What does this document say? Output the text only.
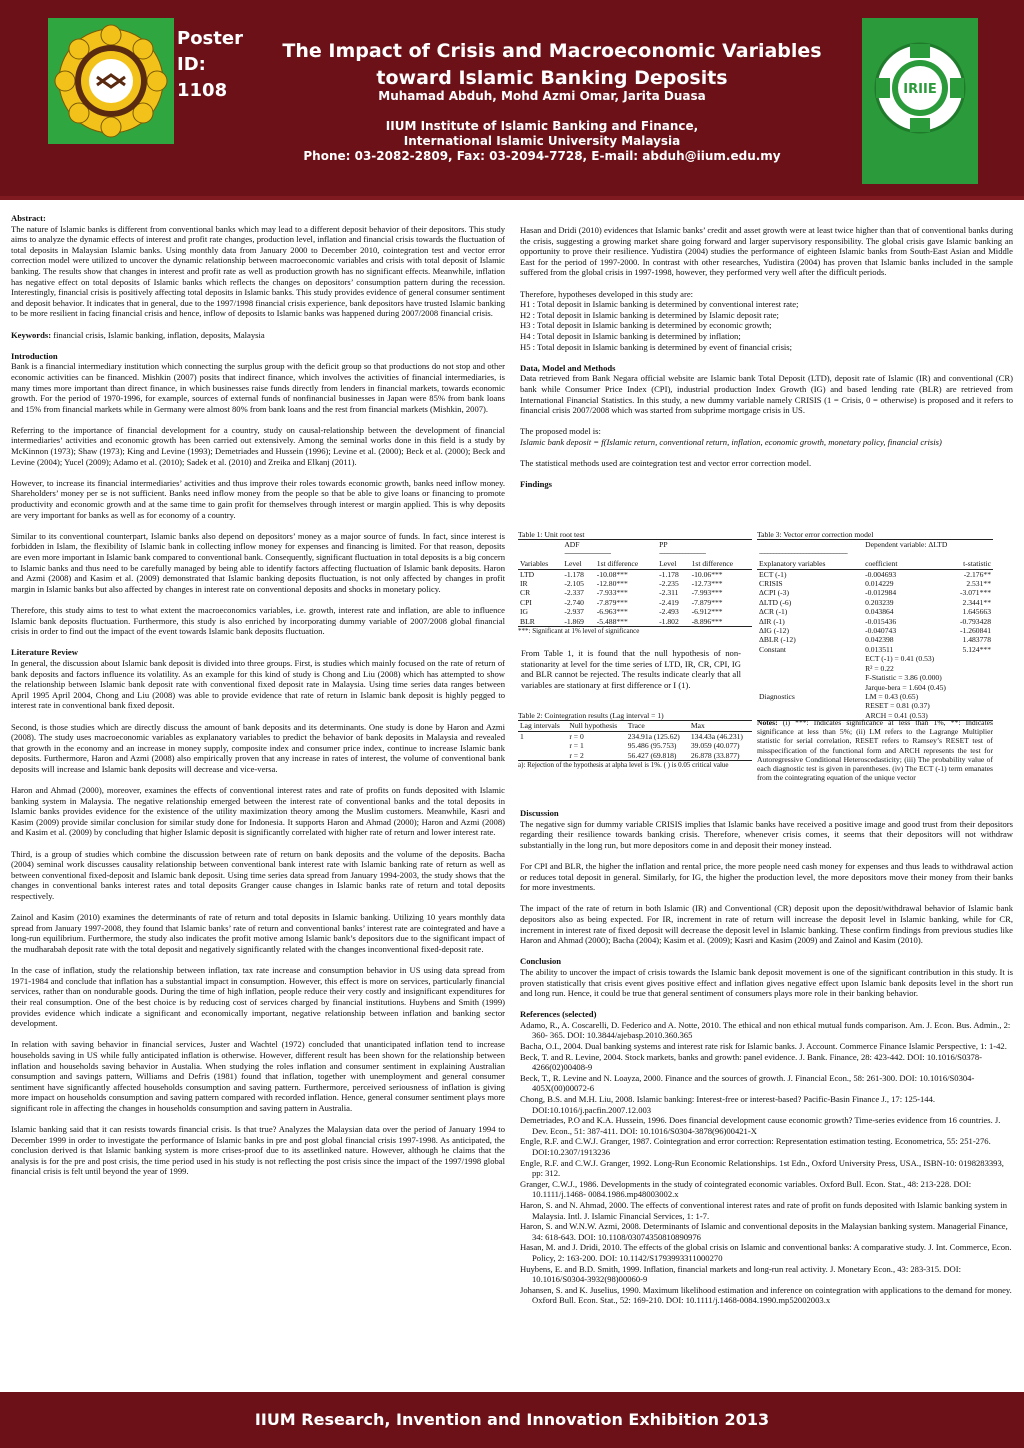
IRIIE
Poster ID: 1108
The Impact of Crisis and Macroeconomic Variables toward Islamic Banking Deposits
Muhamad Abduh, Mohd Azmi Omar, Jarita Duasa
IIUM Institute of Islamic Banking and Finance,
International Islamic University Malaysia
Phone: 03-2082-2809, Fax: 03-2094-7728, E-mail: abduh@iium.edu.my
Abstract:

The nature of Islamic banks is different from conventional banks which may lead to a different deposit behavior of their depositors. This study aims to analyze the dynamic effects of interest and profit rate changes, production level, inflation and financial crisis towards the fluctuation of total deposits in Malaysian Islamic banks. Using monthly data from January 2000 to December 2010, cointegration test and vector error correction model were utilized to uncover the dynamic relationship between macroeconomic variables and crisis with total deposit of Islamic banking. The results show that changes in interest and profit rate as well as production growth has no significant effects. Meanwhile, inflation has negative effect on total deposits of Islamic banks which reflects the changes on depositors’ consumption pattern during the recession. Interestingly, financial crisis is positively affecting total deposits in Islamic banks. This study provides evidence of general consumer sentiment and deposit behavior. It indicates that in general, due to the 1997/1998 financial crisis experience, bank depositors have trusted Islamic banking to be more resilient in facing financial crisis and hence, inflow of deposits to Islamic banks was happened during 2007/2008 financial crisis.

Keywords: financial crisis, Islamic banking, inflation, deposits, Malaysia

Introduction

Bank is a financial intermediary institution which connecting the surplus group with the deficit group so that productions do not stop and other economic activities can be financed. Mishkin (2007) posits that indirect finance, which involves the activities of financial intermediaries, is many times more important than direct finance, in which businesses raise funds directly from lenders in financial markets, towards economic growth. For the period of 1970-1996, for example, sources of external funds of nonfinancial businesses in Japan were 85% from bank loans and 15% from financial markets while in Germany were almost 80% from bank loans and the rest from financial markets (Mishkin, 2007).

Referring to the importance of financial development for a country, study on causal-relationship between the development of financial intermediaries’ activities and economic growth has been carried out extensively. Among the seminal works done in this field is a study by McKinnon (1973); Shaw (1973); King and Levine (1993); Demetriades and Hussein (1996); Levine et al. (2000); Beck et al. (2000); Beck and Levine (2004); Yucel (2009); Adamo et al. (2010); Sadek et al. (2010) and Zreika and Elkanj (2011).

However, to increase its financial intermediaries’ activities and thus improve their roles towards economic growth, banks need inflow money. Shareholders’ money per se is not sufficient. Banks need inflow money from the people so that be able to give loans or financing to promote productivity and economic growth and at the same time to gain profit for themselves through interest or margin applied. This is why deposits are very important for banks as well as for economy of a country.

Similar to its conventional counterpart, Islamic banks also depend on depositors’ money as a major source of funds. In fact, since interest is forbidden in Islam, the flexibility of Islamic bank in collecting inflow money for expenses and financing is limited. For that reason, deposits are even more important in Islamic bank compared to conventional bank. Consequently, significant fluctuation in total deposits is a big concern to Islamic banks and thus need to be carefully managed by being able to identify factors affecting fluctuation of Islamic bank deposits. Haron and Azmi (2008) and Kasim et al. (2009) demonstrated that Islamic banking deposits fluctuation, is not only affected by changes in profit margin in Islamic banks but also affected by changes in interest rate on conventional deposits and shocks in monetary policy.

Therefore, this study aims to test to what extent the macroeconomics variables, i.e. growth, interest rate and inflation, are able to influence Islamic bank deposits fluctuation. Furthermore, this study is also enriched by incorporating dummy variable of 2007/2008 global financial crisis in order to find out the impact of the event towards Islamic bank deposits fluctuation.

Literature Review

In general, the discussion about Islamic bank deposit is divided into three groups. First, is studies which mainly focused on the rate of return of bank deposits and factors influence its volatility. As an example for this kind of study is Chong and Liu (2008) which has attempted to show the relationship between Islamic bank deposit rate with conventional fixed deposit rate in Malaysia. Using time series data ranges between April 1995 April 2004, Chong and Liu (2008) was able to provide evidence that rate of return in Islamic bank deposit is highly pegged to interest rate in conventional bank fixed deposit.

Second, is those studies which are directly discuss the amount of bank deposits and its determinants. One study is done by Haron and Azmi (2008). The study uses macroeconomic variables as explanatory variables to predict the behavior of bank deposits in Malaysia and revealed that growth in the economy and an increase in money supply, composite index and consumer price index, continue to increase Islamic bank deposits. Furthermore, Haron and Azmi (2008) also empirically proven that any increase in rates of interest, the volume of conventional bank deposits will increase and Islamic bank deposits will decrease and vice-versa.

Haron and Ahmad (2000), moreover, examines the effects of conventional interest rates and rate of profits on funds deposited with Islamic banking system in Malaysia. The negative relationship emerged between the interest rate of conventional banks and the total deposits in Islamic banks provides evidence for the existence of the utility maximization theory among the Muslim customers. Meanwhile, Kasri and Kasim (2009) provide similar conclusion for similar study done for Indonesia. It supports Haron and Ahmad (2000); Haron and Azmi (2008) and Kasim et al. (2009) by concluding that higher Islamic deposit is significantly correlated with higher rate of return and lower interest rate.

Third, is a group of studies which combine the discussion between rate of return on bank deposits and the volume of the deposits. Bacha (2004) seminal work discusses causality relationship between conventional bank interest rate with Islamic banking rate of return as well as between conventional fixed-deposit and Islamic bank deposit. Using time series data spread from January 1994-2003, the study shows that the changes in conventional banks interest rates and total deposits Granger cause changes in Islamic banks rate of return and total deposits respectively.

Zainol and Kasim (2010) examines the determinants of rate of return and total deposits in Islamic banking. Utilizing 10 years monthly data spread from January 1997-2008, they found that Islamic banks’ rate of return and conventional banks’ interest rate are cointegrated and have a long-run equilibrium. Furthermore, the study also indicates the profit motive among Islamic bank’s depositors due to the significant impact of the mudharabah deposit rate with the total deposit and negatively significantly related with the changes inconventional fixed-deposit rate.

In the case of inflation, study the relationship between inflation, tax rate increase and consumption behavior in US using data spread from 1971-1984 and conclude that inflation has a substantial impact in consumption. However, this effect is more on services, particularly financial services, rather than on nondurable goods. During the time of high inflation, people reduce their very costly and insignificant expenditures for their real consumption. One of the best choice is by reducing cost of services charged by financial institutions. Huybens and Smith (1999) provides evidence which indicate a significant and economically important, negative relationship between inflation and banking sector development.

In relation with saving behavior in financial services, Juster and Wachtel (1972) concluded that unanticipated inflation tend to increase households saving in US while fully anticipated inflation is otherwise. However, different result has been shown for the relationship between inflation and households saving behavior in Austalia. When studying the roles inflation and consumer sentiment in explaining Australian consumption and savings pattern, Williams and Defris (1981) found that inflation, together with unemployment and general consumer sentiment have significantly affected households consumption and saving pattern. Furthermore, perceived seriousness of inflation is giving more impact on households consumption and saving pattern compared with recorded inflation. Hence, general consumer sentiment plays more significant role in affecting the changes in households consumption and saving pattern in Australia.

Islamic banking said that it can resists towards financial crisis. Is that true? Analyzes the Malaysian data over the period of January 1994 to December 1999 in order to investigate the performance of Islamic banks in pre and post global financial crisis 1997-1998. As anticipated, the conclusion derived is that Islamic banking system is more crises-proof due to its assetlinked nature. However, although he claims that the analysis is for the pre and post crisis, the time period used in his study is not reflecting the post crisis since the impact of the 1997/1998 global financial crisis is felt until beyond the year of 1999.

Hasan and Dridi (2010) evidences that Islamic banks’ credit and asset growth were at least twice higher than that of conventional banks during the crisis, suggesting a growing market share going forward and larger supervisory responsibility. The global crisis gave Islamic banking an opportunity to prove their resilience. Yudistira (2004) studies the performance of eighteen Islamic banks from South-East Asian and Middle East for the period of 1997-2000. In contrast with other researches, Yudistira (2004) has proven that Islamic banks included in the sample suffered from the global crisis in 1997-1998, however, they performed very well after the difficult periods.

Therefore, hypotheses developed in this study are:
H1 : Total deposit in Islamic banking is determined by conventional interest rate;
H2 : Total deposit in Islamic banking is determined by Islamic deposit rate;
H3 : Total deposit in Islamic banking is determined by economic growth;
H4 : Total deposit in Islamic banking is determined by inflation;

H5 : Total deposit in Islamic banking is determined by event of financial crisis;

Data, Model and Methods

Data retrieved from Bank Negara official website are Islamic bank Total Deposit (LTD), deposit rate of Islamic (IR) and conventional (CR) bank while Consumer Price Index (CPI), industrial production Index Growth (IG) and based lending rate (BLR) are retrieved from International Financial Statistics. In this study, a new dummy variable namely CRISIS (1 = Crisis, 0 = otherwise) is proposed and it refers to financial crisis 2007/2008 which was started from subprime mortgage crisis in US.

The proposed model is:

Islamic bank deposit = f(Islamic return, conventional return, inflation, economic growth, monetary policy, financial crisis)

The statistical methods used are cointegration test and vector error correction model.

Findings
Table 1: Unit root test
	ADF		PP	
	-------------------------------		-------------------------------	
Variables	Level	1st difference	Level	1st difference
LTD	-1.178	-10.08***	-1.178	-10.06***
IR	-2.105	-12.80***	-2.235	-12.73***
CR	-2.337	-7.933***	-2.311	-7.993***
CPI	-2.740	-7.879***	-2.419	-7.879***
IG	-2.937	-6.963***	-2.493	-6.912***
BLR	-1.869	-5.488***	-1.802	-8.896***
***: Significant at 1% level of significance
From Table 1, it is found that the null hypothesis of non-stationarity at level for the time series of LTD, IR, CR, CPI, IG and BLR cannot be rejected. The results indicate clearly that all variables are stationary at first difference or I (1).
Table 2: Cointegration results (Lag interval = 1)
Lag intervals	Null hypothesis	Trace	Max
1	r = 0	234.91a (125.62)	134.43a (46.231)
	r = 1	95.486 (95.753)	39.059 (40.077)
	r = 2	56.427 (69.818)	26.878 (33.877)
a): Rejection of the hypothesis at alpha level is 1%. ( ) is 0.05 critical value
Table 3: Vector error correction model
	Dependent variable: ΔLTD	
-----------------------------------------------------------		
Explanatory variables	coefficient	t-statistic
ECT (-1)	-0.004693	-2.176**
CRISIS	0.014229	2.531**
ΔCPI (-3)	-0.012984	-3.071***
ΔLTD (-6)	0.203239	2.3441**
ΔCR (-1)	0.043864	1.645663
ΔIR (-1)	-0.015436	-0.793428
ΔIG (-12)	-0.040743	-1.260841
ΔBLR (-12)	0.042398	1.483778
Constant	0.013511	5.124***
	ECT (-1) = 0.41 (0.53)	
	R² = 0.22	
	F-Statistic = 3.86 (0.000)	
	Jarque-bera = 1.604 (0.45)	
Diagnostics	LM = 0.43 (0.65)	
	RESET = 0.81 (0.37)	
	ARCH = 0.41 (0.53)	
Notes: (i) ***: Indicates significance at less than 1%, **: Indicates significance at less than 5%; (ii) LM refers to the Lagrange Multiplier statistic for serial correlation, RESET refers to Ramsey’s RESET test of misspecification of the functional form and ARCH represents the test for Autoregressive Conditional Heteroscedasticity; (iii) The probability value of each diagnostic test is given in parentheses. (iv) The ECT (-1) term emanates from the cointegrating equation of the unique vector
Discussion

The negative sign for dummy variable CRISIS implies that Islamic banks have received a positive image and good trust from their depositors regarding their resilience towards banking crisis. Therefore, whenever crisis comes, it seems that their depositors will not withdraw substantially in the long run, but more depositors come in and deposit their money instead.

For CPI and BLR, the higher the inflation and rental price, the more people need cash money for expenses and thus leads to withdrawal action or reduces total deposit in general. Similarly, for IG, the higher the production level, the more depositors move their money from their banks for more investments.

The impact of the rate of return in both Islamic (IR) and Conventional (CR) deposit upon the deposit/withdrawal behavior of Islamic bank depositors also as being expected. For IR, increment in rate of return will increase the deposit level in Islamic banking, while for CR, increment in interest rate of fixed deposit will decrease the deposit level in Islamic banking. These confirm findings from previous studies like Haron and Ahmad (2000); Bacha (2004); Kasim et al. (2009); Kasri and Kasim (2009) and Zainol and Kasim (2010).

Conclusion

The ability to uncover the impact of crisis towards the Islamic bank deposit movement is one of the significant contribution in this study. It is proven statistically that crisis event gives positive effect and inflation gives negative effect upon Islamic bank deposits level in the short run and long run. Hence, it could be true that general sentiment of consumers plays more role in their banking behavior.

References (selected)

Adamo, R., A. Coscarelli, D. Federico and A. Notte, 2010. The ethical and non ethical mutual funds comparison. Am. J. Econ. Bus. Admin., 2: 360- 365. DOI: 10.3844/ajebasp.2010.360.365

Bacha, O.I., 2004. Dual banking systems and interest rate risk for Islamic banks. J. Account. Commerce Finance Islamic Perspective, 1: 1-42.

Beck, T. and R. Levine, 2004. Stock markets, banks and growth: panel evidence. J. Bank. Finance, 28: 423-442. DOI: 10.1016/S0378-4266(02)00408-9

Beck, T., R. Levine and N. Loayza, 2000. Finance and the sources of growth. J. Financial Econ., 58: 261-300. DOI: 10.1016/S0304-405X(00)00072-6

Chong, B.S. and M.H. Liu, 2008. Islamic banking: Interest-free or interest-based? Pacific-Basin Finance J., 17: 125-144. DOI:10.1016/j.pacfin.2007.12.003

Demetriades, P.O and K.A. Hussein, 1996. Does financial development cause economic growth? Time-series evidence from 16 countries. J. Dev. Econ., 51: 387-411. DOI: 10.1016/S0304-3878(96)00421-X

Engle, R.F. and C.W.J. Granger, 1987. Cointegration and error correction: Representation estimation testing. Econometrica, 55: 251-276. DOI:10.2307/1913236

Engle, R.F. and C.W.J. Granger, 1992. Long-Run Economic Relationships. 1st Edn., Oxford University Press, USA., ISBN-10: 0198283393, pp: 312.

Granger, C.W.J., 1986. Developments in the study of cointegrated economic variables. Oxford Bull. Econ. Stat., 48: 213-228. DOI: 10.1111/j.1468- 0084.1986.mp48003002.x

Haron, S. and N. Ahmad, 2000. The effects of conventional interest rates and rate of profit on funds deposited with Islamic banking system in Malaysia. Intl. J. Islamic Financial Services, 1: 1-7.

Haron, S. and W.N.W. Azmi, 2008. Determinants of Islamic and conventional deposits in the Malaysian banking system. Managerial Finance, 34: 618-643. DOI: 10.1108/03074350810890976

Hasan, M. and J. Dridi, 2010. The effects of the global crisis on Islamic and conventional banks: A comparative study. J. Int. Commerce, Econ. Policy, 2: 163-200. DOI: 10.1142/S1793993311000270

Huybens, E. and B.D. Smith, 1999. Inflation, financial markets and long-run real activity. J. Monetary Econ., 43: 283-315. DOI: 10.1016/S0304-3932(98)00060-9

Johansen, S. and K. Juselius, 1990. Maximum likelihood estimation and inference on cointegration with applications to the demand for money. Oxford Bull. Econ. Stat., 52: 169-210. DOI: 10.1111/j.1468-0084.1990.mp52002003.x

IIUM Research, Invention and Innovation Exhibition 2013
